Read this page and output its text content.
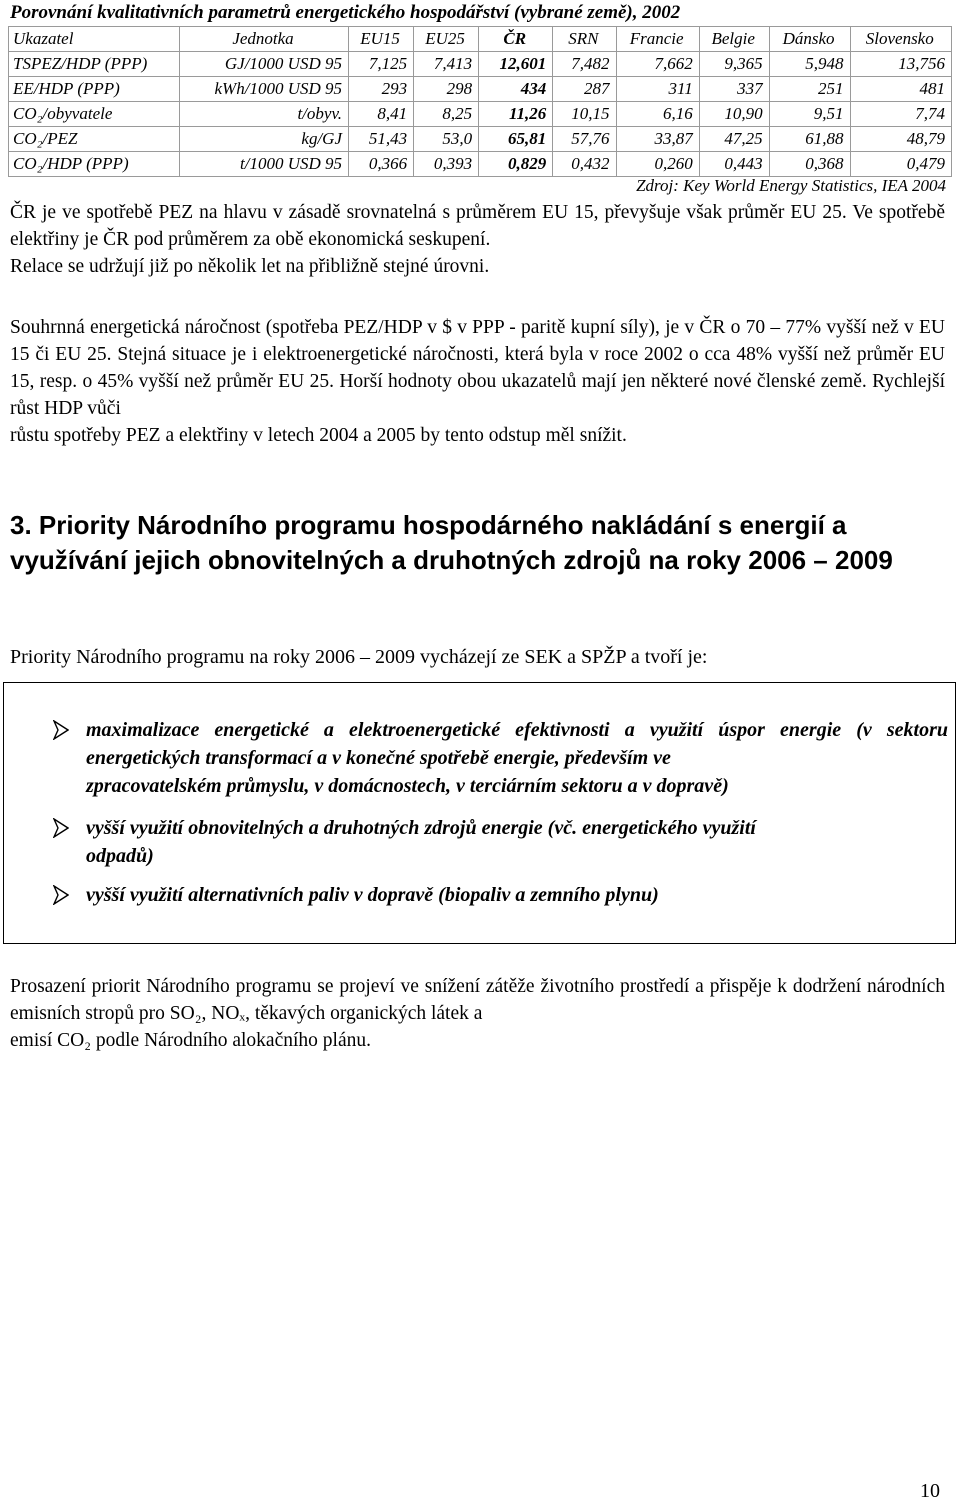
Porovnání kvalitativních parametrů energetického hospodářství (vybrané země), 2002
Ukazatel	Jednotka	EU15	EU25	ČR	SRN	Francie	Belgie	Dánsko	Slovensko
TSPEZ/HDP (PPP)	GJ/1000 USD 95	7,125	7,413	12,601	7,482	7,662	9,365	5,948	13,756
EE/HDP (PPP)	kWh/1000 USD 95	293	298	434	287	311	337	251	481
CO₂/obyvatele	t/obyv.	8,41	8,25	11,26	10,15	6,16	10,90	9,51	7,74
CO₂/PEZ	kg/GJ	51,43	53,0	65,81	57,76	33,87	47,25	61,88	48,79
CO₂/HDP (PPP)	t/1000 USD 95	0,366	0,393	0,829	0,432	0,260	0,443	0,368	0,479
Zdroj: Key World Energy Statistics, IEA 2004

ČR je ve spotřebě PEZ na hlavu v zásadě srovnatelná s průměrem EU 15, převyšuje však průměr EU 25. Ve spotřebě elektřiny je ČR pod průměrem za obě ekonomická seskupení.
Relace se udržují již po několik let na přibližně stejné úrovni.

Souhrnná energetická náročnost (spotřeba PEZ/HDP v $ v PPP - paritě kupní síly), je v ČR o 70 – 77% vyšší než v EU 15 či EU 25. Stejná situace je i elektroenergetické náročnosti, která byla v roce 2002 o cca 48% vyšší než průměr EU 15, resp. o 45% vyšší než průměr EU 25. Horší hodnoty obou ukazatelů mají jen některé nové členské země. Rychlejší růst HDP vůči
růstu spotřeby PEZ a elektřiny v letech 2004 a 2005 by tento odstup měl snížit.

3. Priority Národního programu hospodárného nakládání s energií a využívání jejich obnovitelných a druhotných zdrojů na roky 2006 – 2009
Priority Národního programu na roky 2006 – 2009 vycházejí ze SEK a SPŽP a tvoří je:
maximalizace energetické a elektroenergetické efektivnosti a využití úspor energie (v sektoru energetických transformací a v konečné spotřebě energie, především ve
zpracovatelském průmyslu, v domácnostech, v terciárním sektoru a v dopravě)
vyšší využití obnovitelných a druhotných zdrojů energie (vč. energetického využití
odpadů)
vyšší využití alternativních paliv v dopravě (biopaliv a zemního plynu)

Prosazení priorit Národního programu se projeví ve snížení zátěže životního prostředí a přispěje k dodržení národních emisních stropů pro SO₂, NOₓ, těkavých organických látek a
emisí CO₂ podle Národního alokačního plánu.

10
